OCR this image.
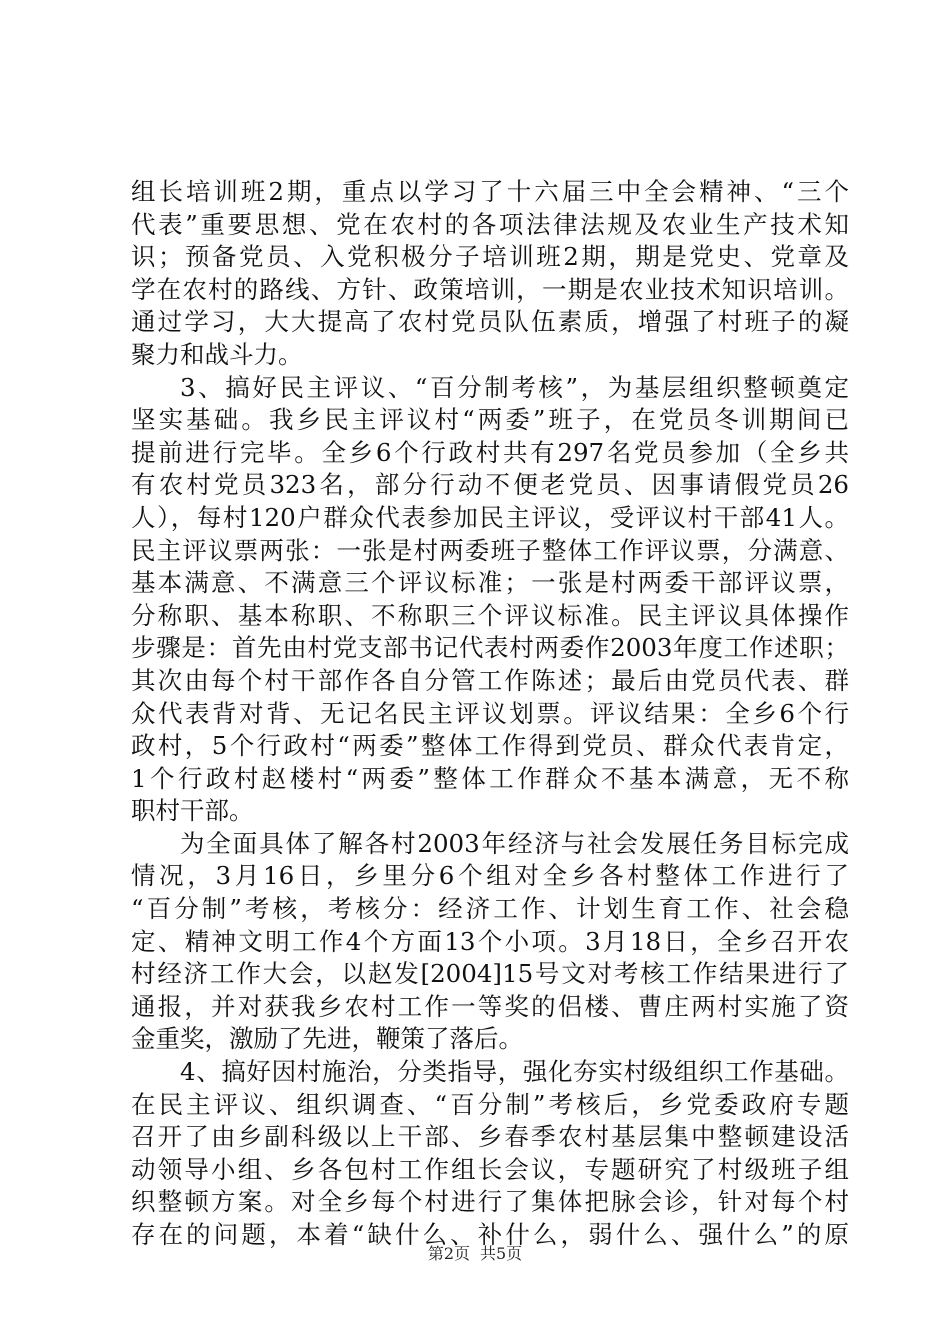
组长培训班2期，重点以学习了十六届三中全会精神、“三个
代表”重要思想、党在农村的各项法律法规及农业生产技术知
识；预备党员、入党积极分子培训班2期，期是党史、党章及
学在农村的路线、方针、政策培训，一期是农业技术知识培训。
通过学习，大大提高了农村党员队伍素质，增强了村班子的凝
聚力和战斗力。
3、搞好民主评议、“百分制考核”，为基层组织整顿奠定
坚实基础。我乡民主评议村“两委”班子，在党员冬训期间已
提前进行完毕。全乡6个行政村共有297名党员参加（全乡共
有农村党员323名，部分行动不便老党员、因事请假党员26
人），每村120户群众代表参加民主评议，受评议村干部41人。
民主评议票两张：一张是村两委班子整体工作评议票，分满意、
基本满意、不满意三个评议标准；一张是村两委干部评议票，
分称职、基本称职、不称职三个评议标准。民主评议具体操作
步骤是：首先由村党支部书记代表村两委作2003年度工作述职；
其次由每个村干部作各自分管工作陈述；最后由党员代表、群
众代表背对背、无记名民主评议划票。评议结果：全乡6个行
政村，5个行政村“两委”整体工作得到党员、群众代表肯定，
1个行政村赵楼村“两委”整体工作群众不基本满意，无不称
职村干部。
为全面具体了解各村2003年经济与社会发展任务目标完成
情况，3月16日，乡里分6个组对全乡各村整体工作进行了
“百分制”考核，考核分：经济工作、计划生育工作、社会稳
定、精神文明工作4个方面13个小项。3月18日，全乡召开农
村经济工作大会，以赵发[2004]15号文对考核工作结果进行了
通报，并对获我乡农村工作一等奖的侣楼、曹庄两村实施了资
金重奖，激励了先进，鞭策了落后。
4、搞好因村施治，分类指导，强化夯实村级组织工作基础。
在民主评议、组织调查、“百分制”考核后，乡党委政府专题
召开了由乡副科级以上干部、乡春季农村基层集中整顿建设活
动领导小组、乡各包村工作组长会议，专题研究了村级班子组
织整顿方案。对全乡每个村进行了集体把脉会诊，针对每个村
存在的问题，本着“缺什么、补什么，弱什么、强什么”的原
第2页 共5页
